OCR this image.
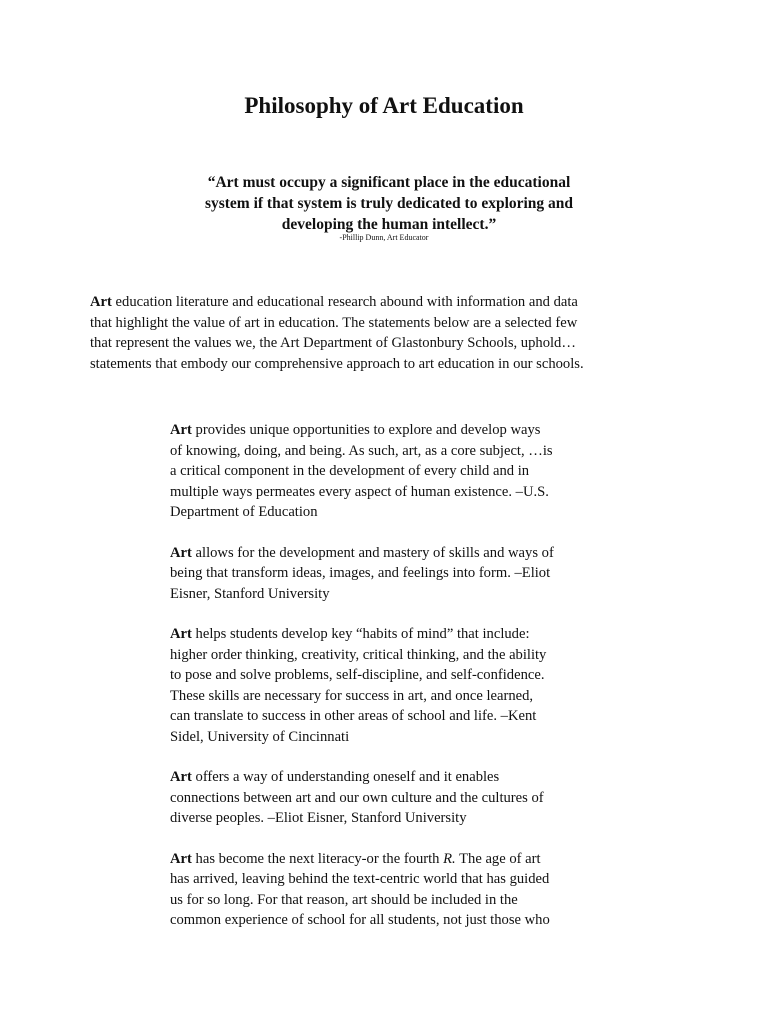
Philosophy of Art Education

“Art must occupy a significant place in the educational
system if that system is truly dedicated to exploring and
developing the human intellect.”

-Phillip Dunn, Art Educator

Art education literature and educational research abound with information and data
that highlight the value of art in education. The statements below are a selected few
that represent the values we, the Art Department of Glastonbury Schools, uphold…
statements that embody our comprehensive approach to art education in our schools.

Art provides unique opportunities to explore and develop ways
of knowing, doing, and being. As such, art, as a core subject, …is
a critical component in the development of every child and in
multiple ways permeates every aspect of human existence. –U.S.
Department of Education

Art allows for the development and mastery of skills and ways of
being that transform ideas, images, and feelings into form. –Eliot
Eisner, Stanford University

Art helps students develop key “habits of mind” that include:
higher order thinking, creativity, critical thinking, and the ability
to pose and solve problems, self-discipline, and self-confidence.
These skills are necessary for success in art, and once learned,
can translate to success in other areas of school and life. –Kent
Sidel, University of Cincinnati

Art offers a way of understanding oneself and it enables
connections between art and our own culture and the cultures of
diverse peoples. –Eliot Eisner, Stanford University

Art has become the next literacy-or the fourth R. The age of art
has arrived, leaving behind the text-centric world that has guided
us for so long. For that reason, art should be included in the
common experience of school for all students, not just those who
